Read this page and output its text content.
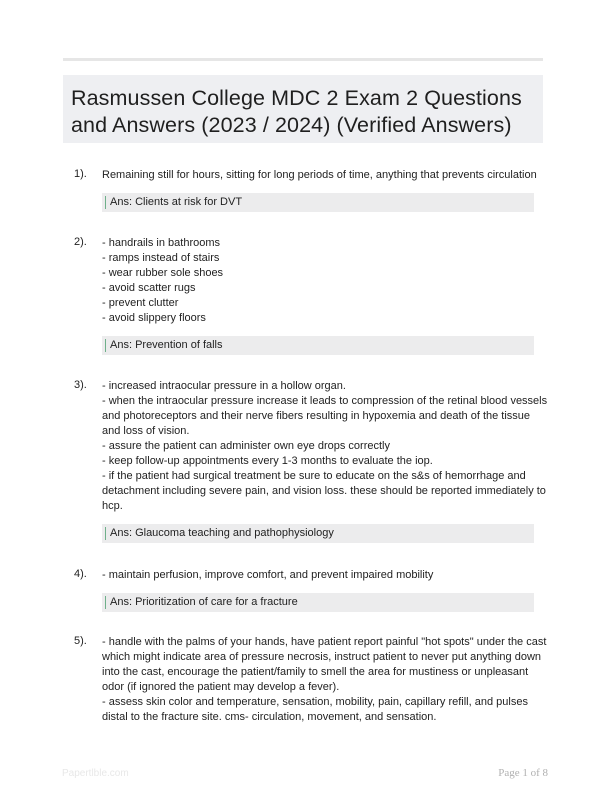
Rasmussen College MDC 2 Exam 2 Questions
and Answers (2023 / 2024) (Verified Answers)
1). Remaining still for hours, sitting for long periods of time, anything that prevents circulation
Ans: Clients at risk for DVT
2). - handrails in bathrooms
- ramps instead of stairs
- wear rubber sole shoes
- avoid scatter rugs
- prevent clutter
- avoid slippery floors
Ans: Prevention of falls
3). - increased intraocular pressure in a hollow organ.
- when the intraocular pressure increase it leads to compression of the retinal blood vessels
and photoreceptors and their nerve fibers resulting in hypoxemia and death of the tissue
and loss of vision.
- assure the patient can administer own eye drops correctly
- keep follow-up appointments every 1-3 months to evaluate the iop.
- if the patient had surgical treatment be sure to educate on the s&s of hemorrhage and
detachment including severe pain, and vision loss. these should be reported immediately to
hcp.
Ans: Glaucoma teaching and pathophysiology
4). - maintain perfusion, improve comfort, and prevent impaired mobility
Ans: Prioritization of care for a fracture
5). - handle with the palms of your hands, have patient report painful "hot spots" under the cast
which might indicate area of pressure necrosis, instruct patient to never put anything down
into the cast, encourage the patient/family to smell the area for mustiness or unpleasant
odor (if ignored the patient may develop a fever).
- assess skin color and temperature, sensation, mobility, pain, capillary refill, and pulses
distal to the fracture site. cms- circulation, movement, and sensation.
Papertlble.com	Page 1 of 8
